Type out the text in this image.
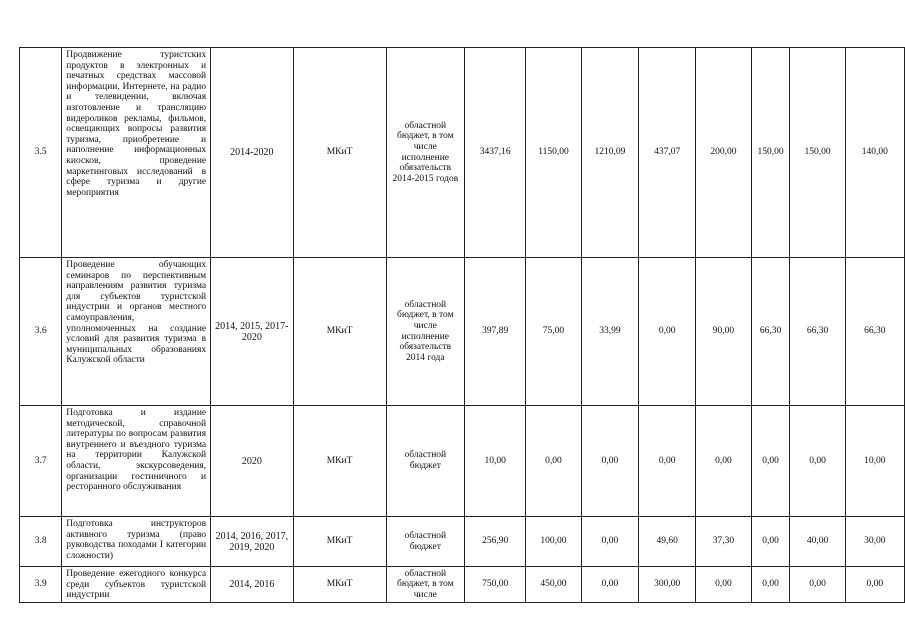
3.5	Продвижение туристских продуктов в электронных и печатных средствах массовой информации, Интернете, на радио и телевидении, включая изготовление и трансляцию видероликов рекламы, фильмов, освещающих вопросы развития туризма, приобретение и наполнение информационных киосков, проведение маркетинговых исследований в сфере туризма и другие мероприятия	2014-2020	МКиТ	областной бюджет, в том числе исполнение обязательств 2014-2015 годов	3437,16	1150,00	1210,09	437,07	200,00	150,00	150,00	140,00
3.6	Проведение обучающих семинаров по перспективным направлениям развития туризма для субъектов туристской индустрии и органов местного самоуправления, уполномоченных на создание условий для развития туризма в муниципальных образованиях Калужской области	2014, 2015, 2017- 2020	МКиТ	областной бюджет, в том числе исполнение обязательств 2014 года	397,89	75,00	33,99	0,00	90,00	66,30	66,30	66,30
3.7	Подготовка и издание методической, справочной литературы по вопросам развития внутреннего и въездного туризма на территории Калужской области, экскурсоведения, организации гостиничного и ресторанного обслуживания	2020	МКиТ	областной бюджет	10,00	0,00	0,00	0,00	0,00	0,00	0,00	10,00
3.8	Подготовка инструкторов активного туризма (право руководства походами I категории сложности)	2014, 2016, 2017, 2019, 2020	МКиТ	областной бюджет	256,90	100,00	0,00	49,60	37,30	0,00	40,00	30,00
3.9	Проведение ежегодного конкурса среди субъектов туристской индустрии	2014, 2016	МКиТ	областной бюджет, в том числе	750,00	450,00	0,00	300,00	0,00	0,00	0,00	0,00
